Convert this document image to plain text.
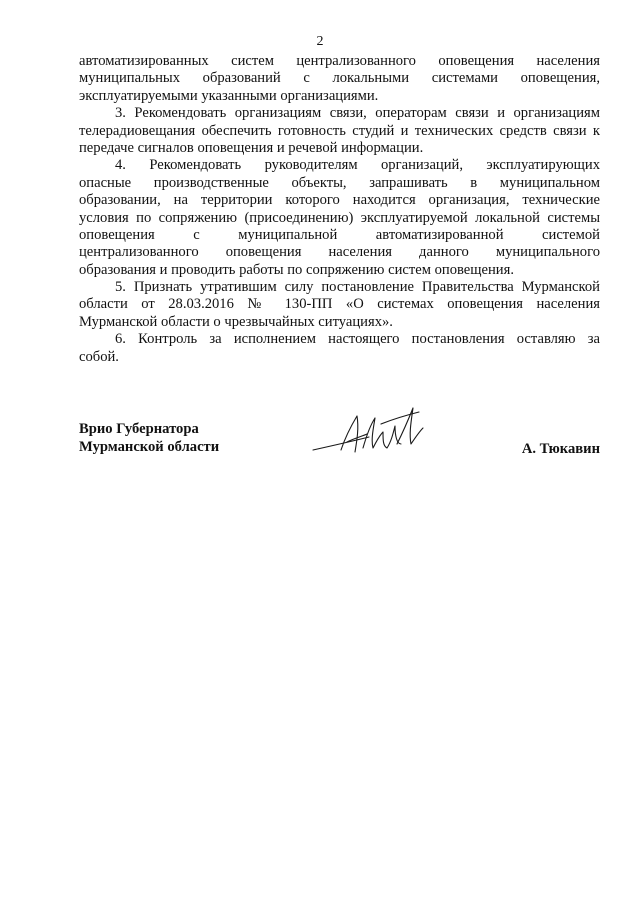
2
автоматизированных систем централизованного оповещения населения
муниципальных образований с локальными системами оповещения,
эксплуатируемыми указанными организациями.
3. Рекомендовать организациям связи, операторам связи и организациям
телерадиовещания обеспечить готовность студий и технических средств связи к
передаче сигналов оповещения и речевой информации.
4. Рекомендовать руководителям организаций, эксплуатирующих
опасные производственные объекты, запрашивать в муниципальном
образовании, на территории которого находится организация, технические
условия по сопряжению (присоединению) эксплуатируемой локальной системы
оповещения с муниципальной автоматизированной системой
централизованного оповещения населения данного муниципального
образования и проводить работы по сопряжению систем оповещения.
5. Признать утратившим силу постановление Правительства Мурманской
области от 28.03.2016 № 130-ПП «О системах оповещения населения
Мурманской области о чрезвычайных ситуациях».
6. Контроль за исполнением настоящего постановления оставляю за
собой.
Врио Губернатора
Мурманской области	А. Тюкавин
